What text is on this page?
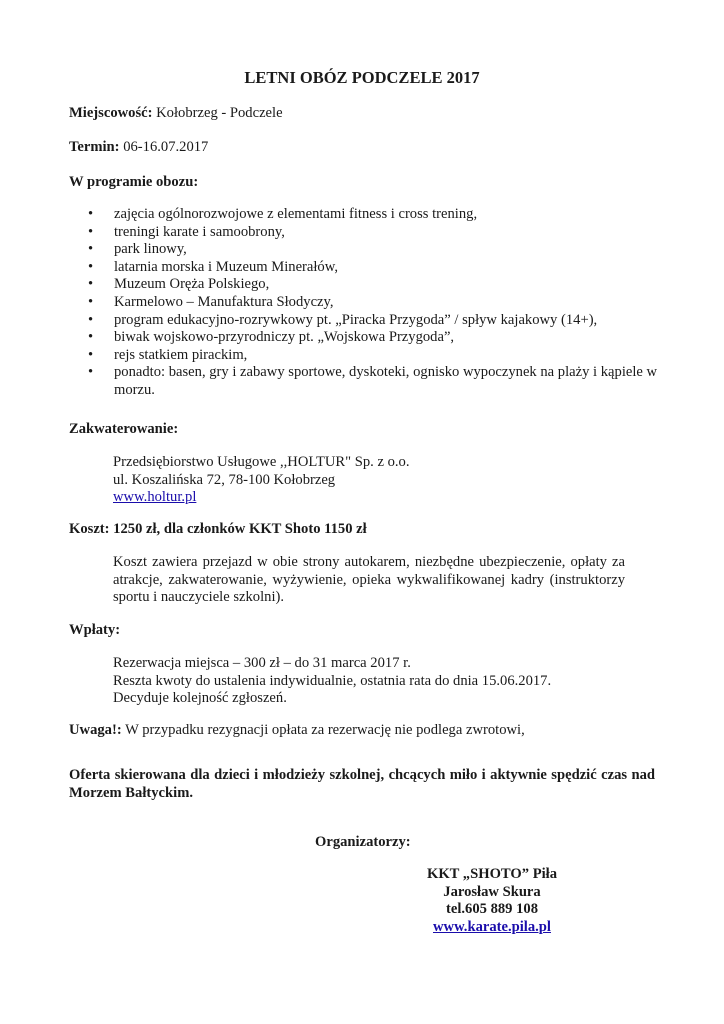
LETNI OBÓZ PODCZELE 2017
Miejscowość: Kołobrzeg - Podczele
Termin: 06-16.07.2017
W programie obozu:
•	zajęcia ogólnorozwojowe z elementami fitness i cross trening,
•	treningi karate i samoobrony,
•	park linowy,
•	latarnia morska i Muzeum Minerałów,
•	Muzeum Oręża Polskiego,
•	Karmelowo – Manufaktura Słodyczy,
•	program edukacyjno-rozrywkowy pt. „Piracka Przygoda” / spływ kajakowy (14+),
•	biwak wojskowo-przyrodniczy pt. „Wojskowa Przygoda”,
•	rejs statkiem pirackim,
•	ponadto: basen, gry i zabawy sportowe, dyskoteki, ognisko wypoczynek na plaży i kąpiele w morzu.
Zakwaterowanie:
Przedsiębiorstwo Usługowe ,,HOLTUR" Sp. z o.o.
ul. Koszalińska 72, 78-100 Kołobrzeg
www.holtur.pl
Koszt: 1250 zł, dla członków KKT Shoto 1150 zł
Koszt zawiera przejazd w obie strony autokarem, niezbędne ubezpieczenie, opłaty za atrakcje, zakwaterowanie, wyżywienie, opieka wykwalifikowanej kadry (instruktorzy sportu i nauczyciele szkolni).
Wpłaty:
Rezerwacja miejsca – 300 zł – do 31 marca 2017 r.
Reszta kwoty do ustalenia indywidualnie, ostatnia rata do dnia 15.06.2017.
Decyduje kolejność zgłoszeń.
Uwaga!: W przypadku rezygnacji opłata za rezerwację nie podlega zwrotowi,
Oferta skierowana dla dzieci i młodzieży szkolnej, chcących miło i aktywnie spędzić czas nad Morzem Bałtyckim.
Organizatorzy:
KKT „SHOTO” Piła
Jarosław Skura
tel.605 889 108
www.karate.pila.pl
